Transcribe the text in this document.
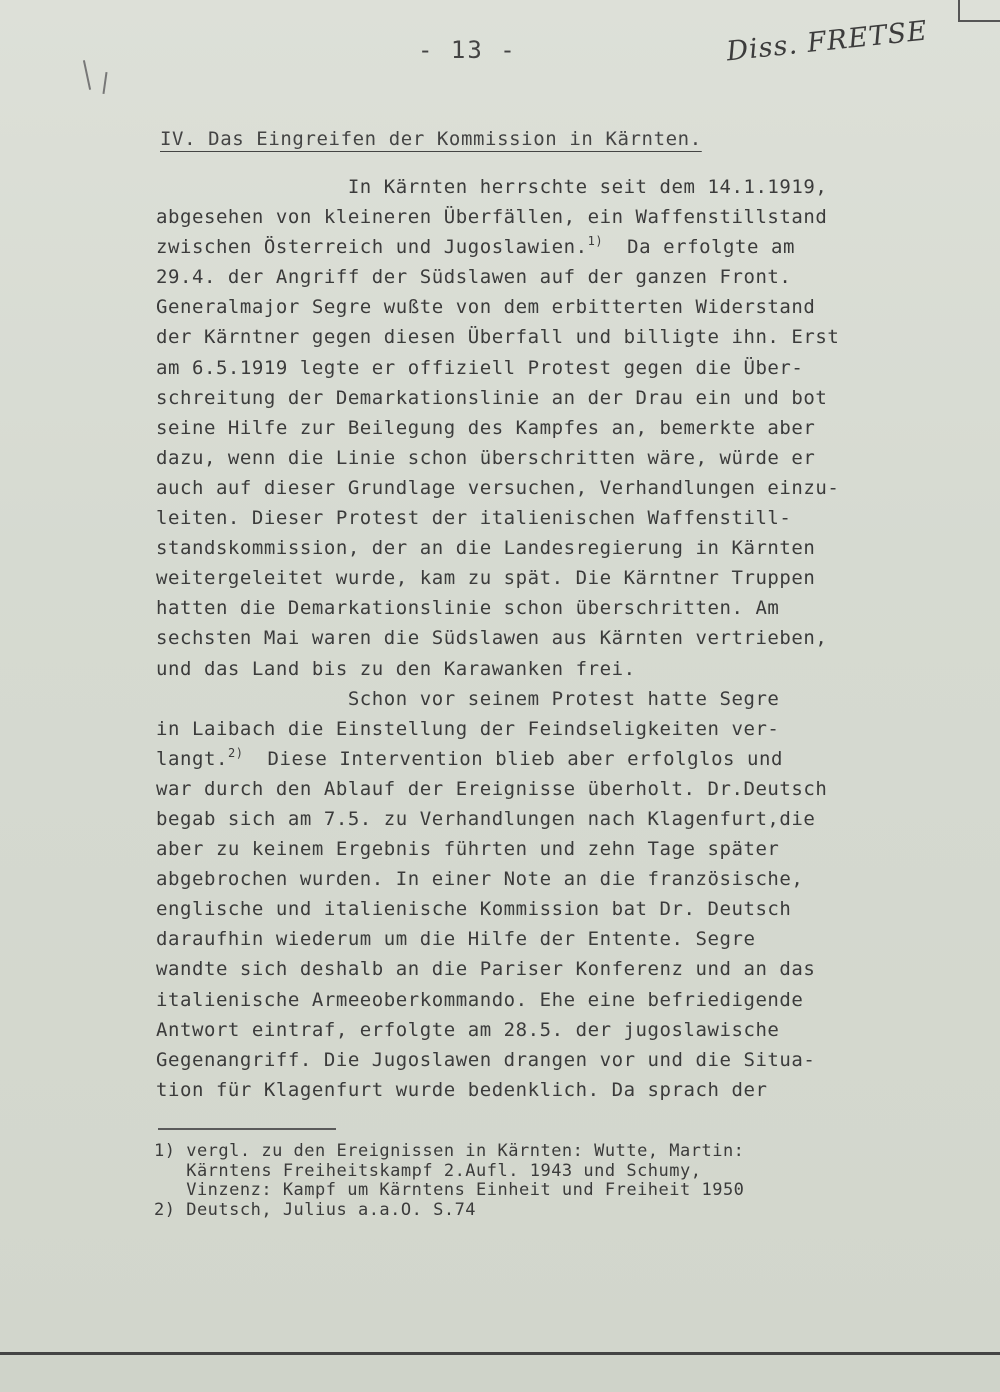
- 13 -	Diss. FRETSE
IV. Das Eingreifen der Kommission in Kärnten.
In Kärnten herrschte seit dem 14.1.1919,
abgesehen von kleineren Überfällen, ein Waffenstillstand
zwischen Österreich und Jugoslawien.$^{1)}$  Da erfolgte am
29.4. der Angriff der Südslawen auf der ganzen Front.
Generalmajor Segre wußte von dem erbitterten Widerstand
der Kärntner gegen diesen Überfall und billigte ihn. Erst
am 6.5.1919 legte er offiziell Protest gegen die Über-
schreitung der Demarkationslinie an der Drau ein und bot
seine Hilfe zur Beilegung des Kampfes an, bemerkte aber
dazu, wenn die Linie schon überschritten wäre, würde er
auch auf dieser Grundlage versuchen, Verhandlungen einzu-
leiten. Dieser Protest der italienischen Waffenstill-
standskommission, der an die Landesregierung in Kärnten
weitergeleitet wurde, kam zu spät. Die Kärntner Truppen
hatten die Demarkationslinie schon überschritten. Am
sechsten Mai waren die Südslawen aus Kärnten vertrieben,
und das Land bis zu den Karawanken frei.
Schon vor seinem Protest hatte Segre
in Laibach die Einstellung der Feindseligkeiten ver-
langt.$^{2)}$  Diese Intervention blieb aber erfolglos und
war durch den Ablauf der Ereignisse überholt. Dr.Deutsch
begab sich am 7.5. zu Verhandlungen nach Klagenfurt,die
aber zu keinem Ergebnis führten und zehn Tage später
abgebrochen wurden. In einer Note an die französische,
englische und italienische Kommission bat Dr. Deutsch
daraufhin wiederum um die Hilfe der Entente. Segre
wandte sich deshalb an die Pariser Konferenz und an das
italienische Armeeoberkommando. Ehe eine befriedigende
Antwort eintraf, erfolgte am 28.5. der jugoslawische
Gegenangriff. Die Jugoslawen drangen vor und die Situa-
tion für Klagenfurt wurde bedenklich. Da sprach der
1) vergl. zu den Ereignissen in Kärnten: Wutte, Martin:
Kärntens Freiheitskampf 2.Aufl. 1943 und Schumy,
Vinzenz: Kampf um Kärntens Einheit und Freiheit 1950
2) Deutsch, Julius a.a.O. S.74
